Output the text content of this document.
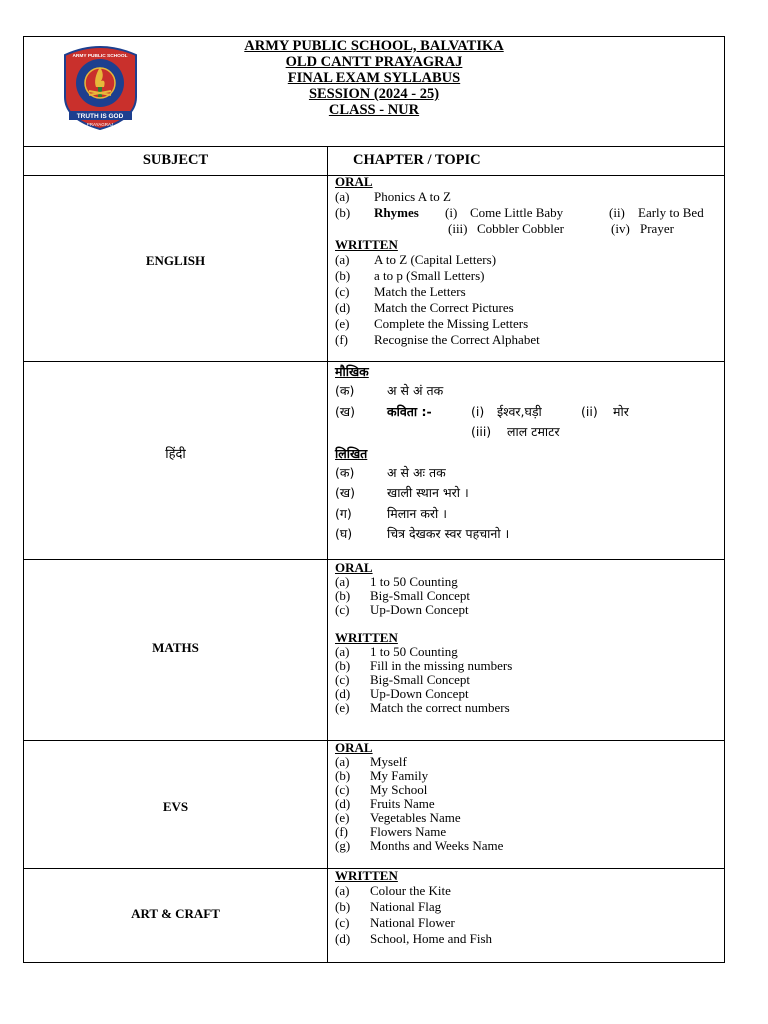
TRUTH IS GOD
PRAYAGRAJ
ARMY PUBLIC SCHOOL
ARMY PUBLIC SCHOOL, BALVATIKA
OLD CANTT PRAYAGRAJ
FINAL EXAM SYLLABUS
SESSION (2024 - 25)
CLASS - NUR
SUBJECT	CHAPTER / TOPIC
ENGLISH
ORAL
(a) Phonics A to Z
(b) Rhymes (i) Come Little Baby	(ii) Early to Bed
(iii) Cobbler Cobbler	(iv) Prayer
WRITTEN
(a) A to Z (Capital Letters)
(b) a to p (Small Letters)
(c) Match the Letters
(d) Match the Correct Pictures
(e) Complete the Missing Letters
(f) Recognise the Correct Alphabet
हिंदी
मौखिक
(क)	अ से अं तक
(ख)	कविता :-	(i) ईश्वर,घड़ी	(ii) मोर
(iii) लाल टमाटर
लिखित
(क)	अ से अः तक
(ख)	खाली स्थान भरो ।
(ग)	मिलान करो ।
(घ)	चित्र देखकर स्वर पहचानो ।
MATHS
ORAL
(a) 1 to 50 Counting
(b) Big-Small Concept
(c) Up-Down Concept
WRITTEN
(a) 1 to 50 Counting
(b) Fill in the missing numbers
(c) Big-Small Concept
(d) Up-Down Concept
(e) Match the correct numbers
EVS
ORAL
(a) Myself
(b) My Family
(c) My School
(d) Fruits Name
(e) Vegetables Name
(f) Flowers Name
(g) Months and Weeks Name
ART & CRAFT
WRITTEN
(a) Colour the Kite
(b) National Flag
(c) National Flower
(d) School, Home and Fish
